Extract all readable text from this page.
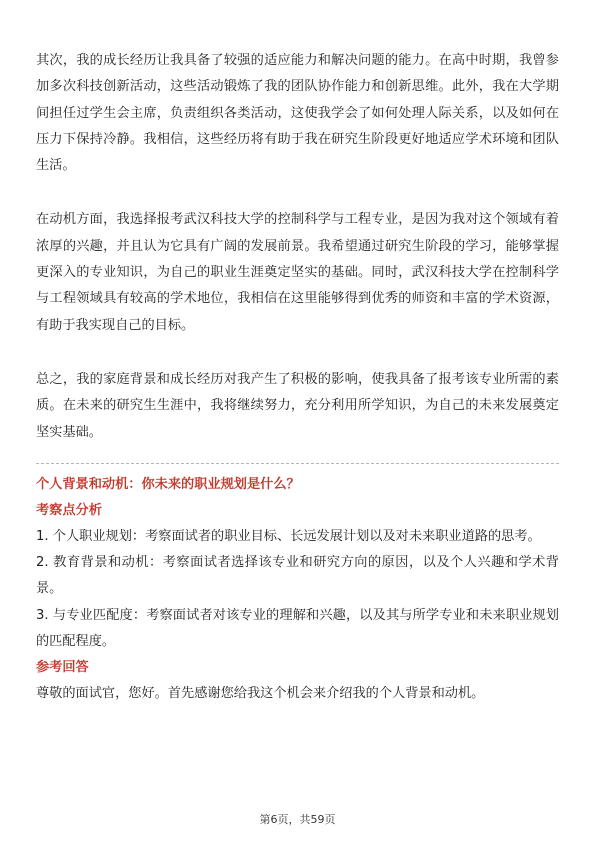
其次，我的成长经历让我具备了较强的适应能力和解决问题的能力。在高中时期，我曾参加多次科技创新活动，这些活动锻炼了我的团队协作能力和创新思维。此外，我在大学期间担任过学生会主席，负责组织各类活动，这使我学会了如何处理人际关系，以及如何在压力下保持冷静。我相信，这些经历将有助于我在研究生阶段更好地适应学术环境和团队生活。

在动机方面，我选择报考武汉科技大学的控制科学与工程专业，是因为我对这个领域有着浓厚的兴趣，并且认为它具有广阔的发展前景。我希望通过研究生阶段的学习，能够掌握更深入的专业知识，为自己的职业生涯奠定坚实的基础。同时，武汉科技大学在控制科学与工程领域具有较高的学术地位，我相信在这里能够得到优秀的师资和丰富的学术资源，有助于我实现自己的目标。

总之，我的家庭背景和成长经历对我产生了积极的影响，使我具备了报考该专业所需的素质。在未来的研究生生涯中，我将继续努力，充分利用所学知识，为自己的未来发展奠定坚实基础。

个人背景和动机：你未来的职业规划是什么？

考察点分析

1. 个人职业规划：考察面试者的职业目标、长远发展计划以及对未来职业道路的思考。

2. 教育背景和动机：考察面试者选择该专业和研究方向的原因，以及个人兴趣和学术背景。

3. 与专业匹配度：考察面试者对该专业的理解和兴趣，以及其与所学专业和未来职业规划的匹配程度。

参考回答

尊敬的面试官，您好。首先感谢您给我这个机会来介绍我的个人背景和动机。

第6页，共59页
